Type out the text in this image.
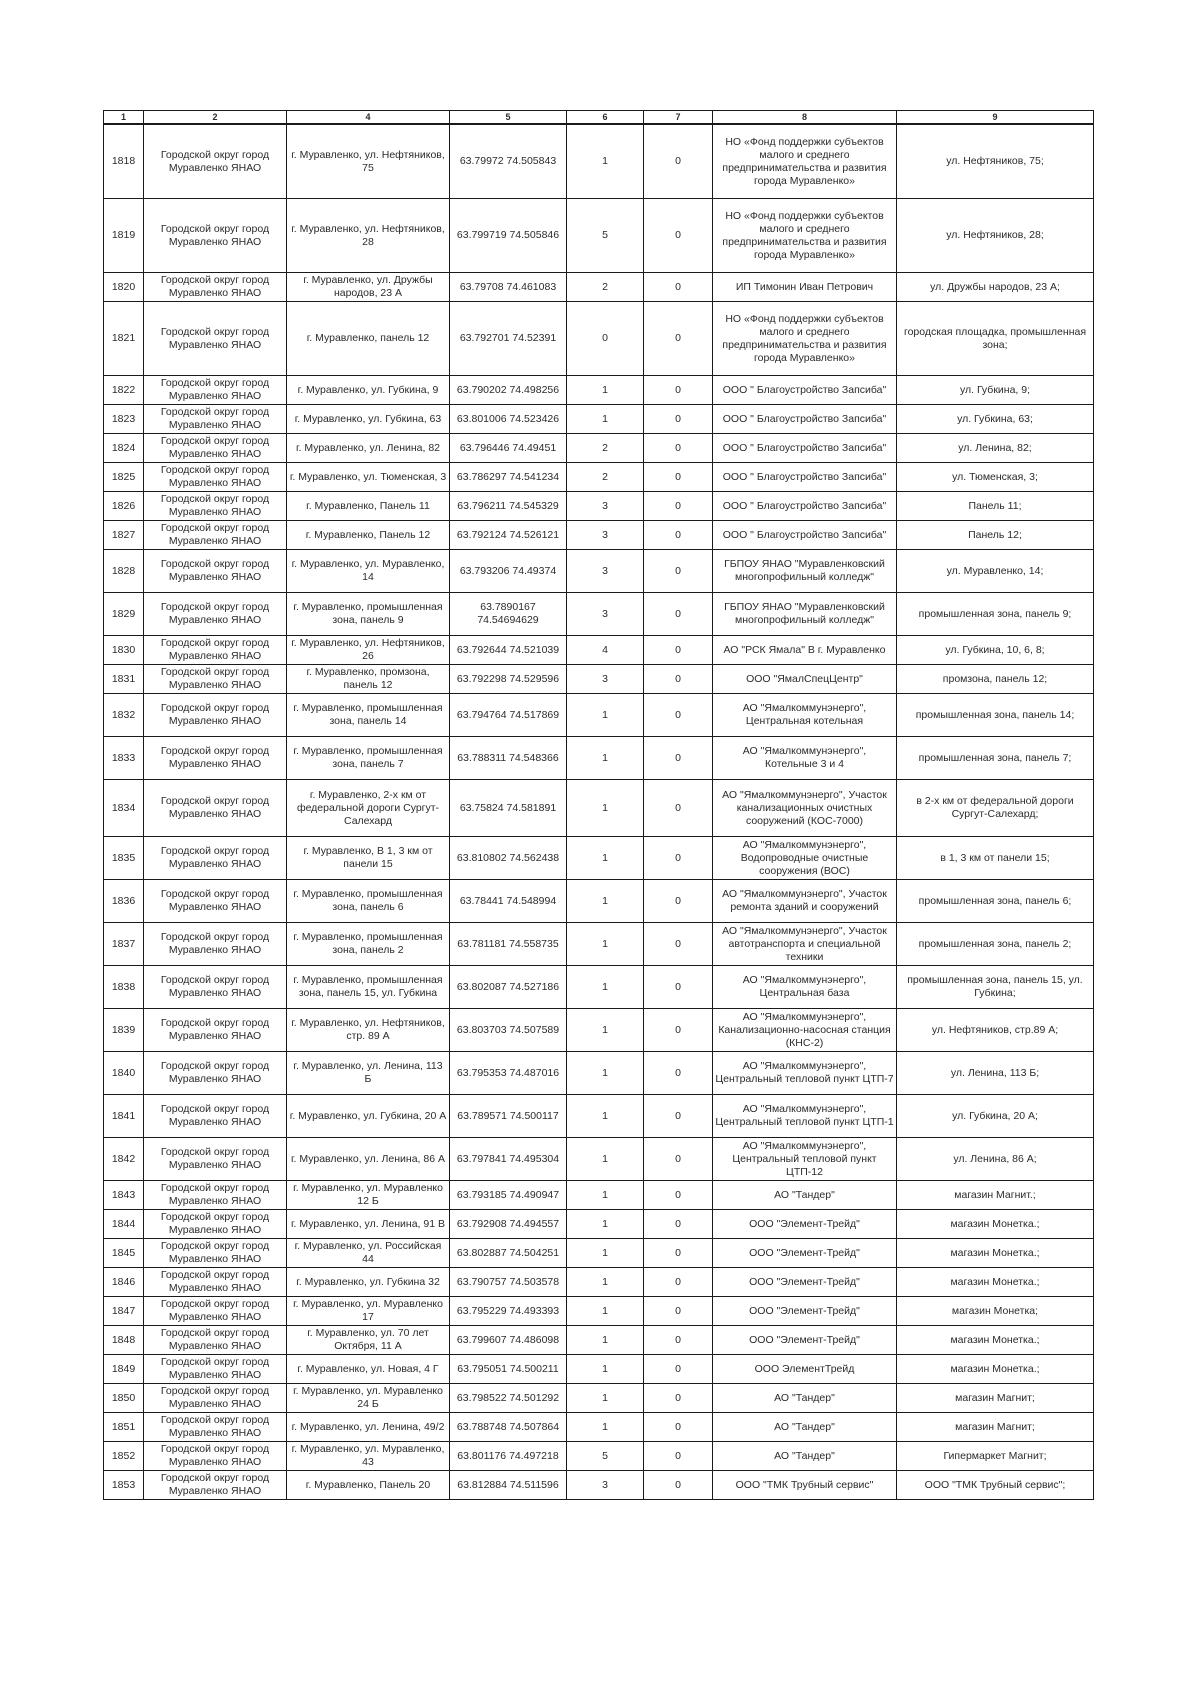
1	2	4	5	6	7	8	9
1818	Городской округ город Муравленко ЯНАО	г. Муравленко, ул. Нефтяников, 75	63.79972 74.505843	1	0	НО «Фонд поддержки субъектов малого и среднего предпринимательства и развития города Муравленко»	ул. Нефтяников, 75;
1819	Городской округ город Муравленко ЯНАО	г. Муравленко, ул. Нефтяников, 28	63.799719 74.505846	5	0	НО «Фонд поддержки субъектов малого и среднего предпринимательства и развития города Муравленко»	ул. Нефтяников, 28;
1820	Городской округ город Муравленко ЯНАО	г. Муравленко, ул. Дружбы народов, 23 А	63.79708 74.461083	2	0	ИП Тимонин Иван Петрович	ул. Дружбы народов, 23 А;
1821	Городской округ город Муравленко ЯНАО	г. Муравленко, панель 12	63.792701 74.52391	0	0	НО «Фонд поддержки субъектов малого и среднего предпринимательства и развития города Муравленко»	городская площадка, промышленная зона;
1822	Городской округ город Муравленко ЯНАО	г. Муравленко, ул. Губкина, 9	63.790202 74.498256	1	0	ООО " Благоустройство Запсиба"	ул. Губкина, 9;
1823	Городской округ город Муравленко ЯНАО	г. Муравленко, ул. Губкина, 63	63.801006 74.523426	1	0	ООО " Благоустройство Запсиба"	ул. Губкина, 63;
1824	Городской округ город Муравленко ЯНАО	г. Муравленко, ул. Ленина, 82	63.796446 74.49451	2	0	ООО " Благоустройство Запсиба"	ул. Ленина, 82;
1825	Городской округ город Муравленко ЯНАО	г. Муравленко, ул. Тюменская, 3	63.786297 74.541234	2	0	ООО " Благоустройство Запсиба"	ул. Тюменская, 3;
1826	Городской округ город Муравленко ЯНАО	г. Муравленко, Панель 11	63.796211 74.545329	3	0	ООО " Благоустройство Запсиба"	Панель 11;
1827	Городской округ город Муравленко ЯНАО	г. Муравленко, Панель 12	63.792124 74.526121	3	0	ООО " Благоустройство Запсиба"	Панель 12;
1828	Городской округ город Муравленко ЯНАО	г. Муравленко, ул. Муравленко, 14	63.793206 74.49374	3	0	ГБПОУ ЯНАО "Муравленковский многопрофильный колледж"	ул. Муравленко, 14;
1829	Городской округ город Муравленко ЯНАО	г. Муравленко, промышленная зона, панель 9	63.7890167 74.54694629	3	0	ГБПОУ ЯНАО "Муравленковский многопрофильный колледж"	промышленная зона, панель 9;
1830	Городской округ город Муравленко ЯНАО	г. Муравленко, ул. Нефтяников, 26	63.792644 74.521039	4	0	АО "РСК Ямала" В г. Муравленко	ул. Губкина, 10, 6, 8;
1831	Городской округ город Муравленко ЯНАО	г. Муравленко, промзона, панель 12	63.792298 74.529596	3	0	ООО "ЯмалСпецЦентр"	промзона, панель 12;
1832	Городской округ город Муравленко ЯНАО	г. Муравленко, промышленная зона, панель 14	63.794764 74.517869	1	0	АО "Ямалкоммунэнерго", Центральная котельная	промышленная зона, панель 14;
1833	Городской округ город Муравленко ЯНАО	г. Муравленко, промышленная зона, панель 7	63.788311 74.548366	1	0	АО "Ямалкоммунэнерго", Котельные 3 и 4	промышленная зона, панель 7;
1834	Городской округ город Муравленко ЯНАО	г. Муравленко, 2-х км от федеральной дороги Сургут-Салехард	63.75824 74.581891	1	0	АО "Ямалкоммунэнерго", Участок канализационных очистных сооружений (КОС-7000)	в 2-х км от федеральной дороги Сургут-Салехард;
1835	Городской округ город Муравленко ЯНАО	г. Муравленко, В 1, 3 км от панели 15	63.810802 74.562438	1	0	АО "Ямалкоммунэнерго", Водопроводные очистные сооружения (ВОС)	в 1, 3 км от панели 15;
1836	Городской округ город Муравленко ЯНАО	г. Муравленко, промышленная зона, панель 6	63.78441 74.548994	1	0	АО "Ямалкоммунэнерго", Участок ремонта зданий и сооружений	промышленная зона, панель 6;
1837	Городской округ город Муравленко ЯНАО	г. Муравленко, промышленная зона, панель 2	63.781181 74.558735	1	0	АО "Ямалкоммунэнерго", Участок автотранспорта и специальной техники	промышленная зона, панель 2;
1838	Городской округ город Муравленко ЯНАО	г. Муравленко, промышленная зона, панель 15, ул. Губкина	63.802087 74.527186	1	0	АО "Ямалкоммунэнерго", Центральная база	промышленная зона, панель 15, ул. Губкина;
1839	Городской округ город Муравленко ЯНАО	г. Муравленко, ул. Нефтяников, стр. 89 А	63.803703 74.507589	1	0	АО "Ямалкоммунэнерго", Канализационно-насосная станция (КНС-2)	ул. Нефтяников, стр.89 А;
1840	Городской округ город Муравленко ЯНАО	г. Муравленко, ул. Ленина, 113 Б	63.795353 74.487016	1	0	АО "Ямалкоммунэнерго", Центральный тепловой пункт ЦТП-7	ул. Ленина, 113 Б;
1841	Городской округ город Муравленко ЯНАО	г. Муравленко, ул. Губкина, 20 А	63.789571 74.500117	1	0	АО "Ямалкоммунэнерго", Центральный тепловой пункт ЦТП-1	ул. Губкина, 20 А;
1842	Городской округ город Муравленко ЯНАО	г. Муравленко, ул. Ленина, 86 А	63.797841 74.495304	1	0	АО "Ямалкоммунэнерго", Центральный тепловой пункт ЦТП-12	ул. Ленина, 86 А;
1843	Городской округ город Муравленко ЯНАО	г. Муравленко, ул. Муравленко 12 Б	63.793185 74.490947	1	0	АО "Тандер"	магазин Магнит.;
1844	Городской округ город Муравленко ЯНАО	г. Муравленко, ул. Ленина, 91 В	63.792908 74.494557	1	0	ООО "Элемент-Трейд"	магазин Монетка.;
1845	Городской округ город Муравленко ЯНАО	г. Муравленко, ул. Российская 44	63.802887 74.504251	1	0	ООО "Элемент-Трейд"	магазин Монетка.;
1846	Городской округ город Муравленко ЯНАО	г. Муравленко, ул. Губкина 32	63.790757 74.503578	1	0	ООО "Элемент-Трейд"	магазин Монетка.;
1847	Городской округ город Муравленко ЯНАО	г. Муравленко, ул. Муравленко 17	63.795229 74.493393	1	0	ООО "Элемент-Трейд"	магазин Монетка;
1848	Городской округ город Муравленко ЯНАО	г. Муравленко, ул. 70 лет Октября, 11 А	63.799607 74.486098	1	0	ООО "Элемент-Трейд"	магазин Монетка.;
1849	Городской округ город Муравленко ЯНАО	г. Муравленко, ул. Новая, 4 Г	63.795051 74.500211	1	0	ООО ЭлементТрейд	магазин Монетка.;
1850	Городской округ город Муравленко ЯНАО	г. Муравленко, ул. Муравленко 24 Б	63.798522 74.501292	1	0	АО "Тандер"	магазин Магнит;
1851	Городской округ город Муравленко ЯНАО	г. Муравленко, ул. Ленина, 49/2	63.788748 74.507864	1	0	АО "Тандер"	магазин Магнит;
1852	Городской округ город Муравленко ЯНАО	г. Муравленко, ул. Муравленко, 43	63.801176 74.497218	5	0	АО "Тандер"	Гипермаркет Магнит;
1853	Городской округ город Муравленко ЯНАО	г. Муравленко, Панель 20	63.812884 74.511596	3	0	ООО "ТМК Трубный сервис"	ООО "ТМК Трубный сервис";
